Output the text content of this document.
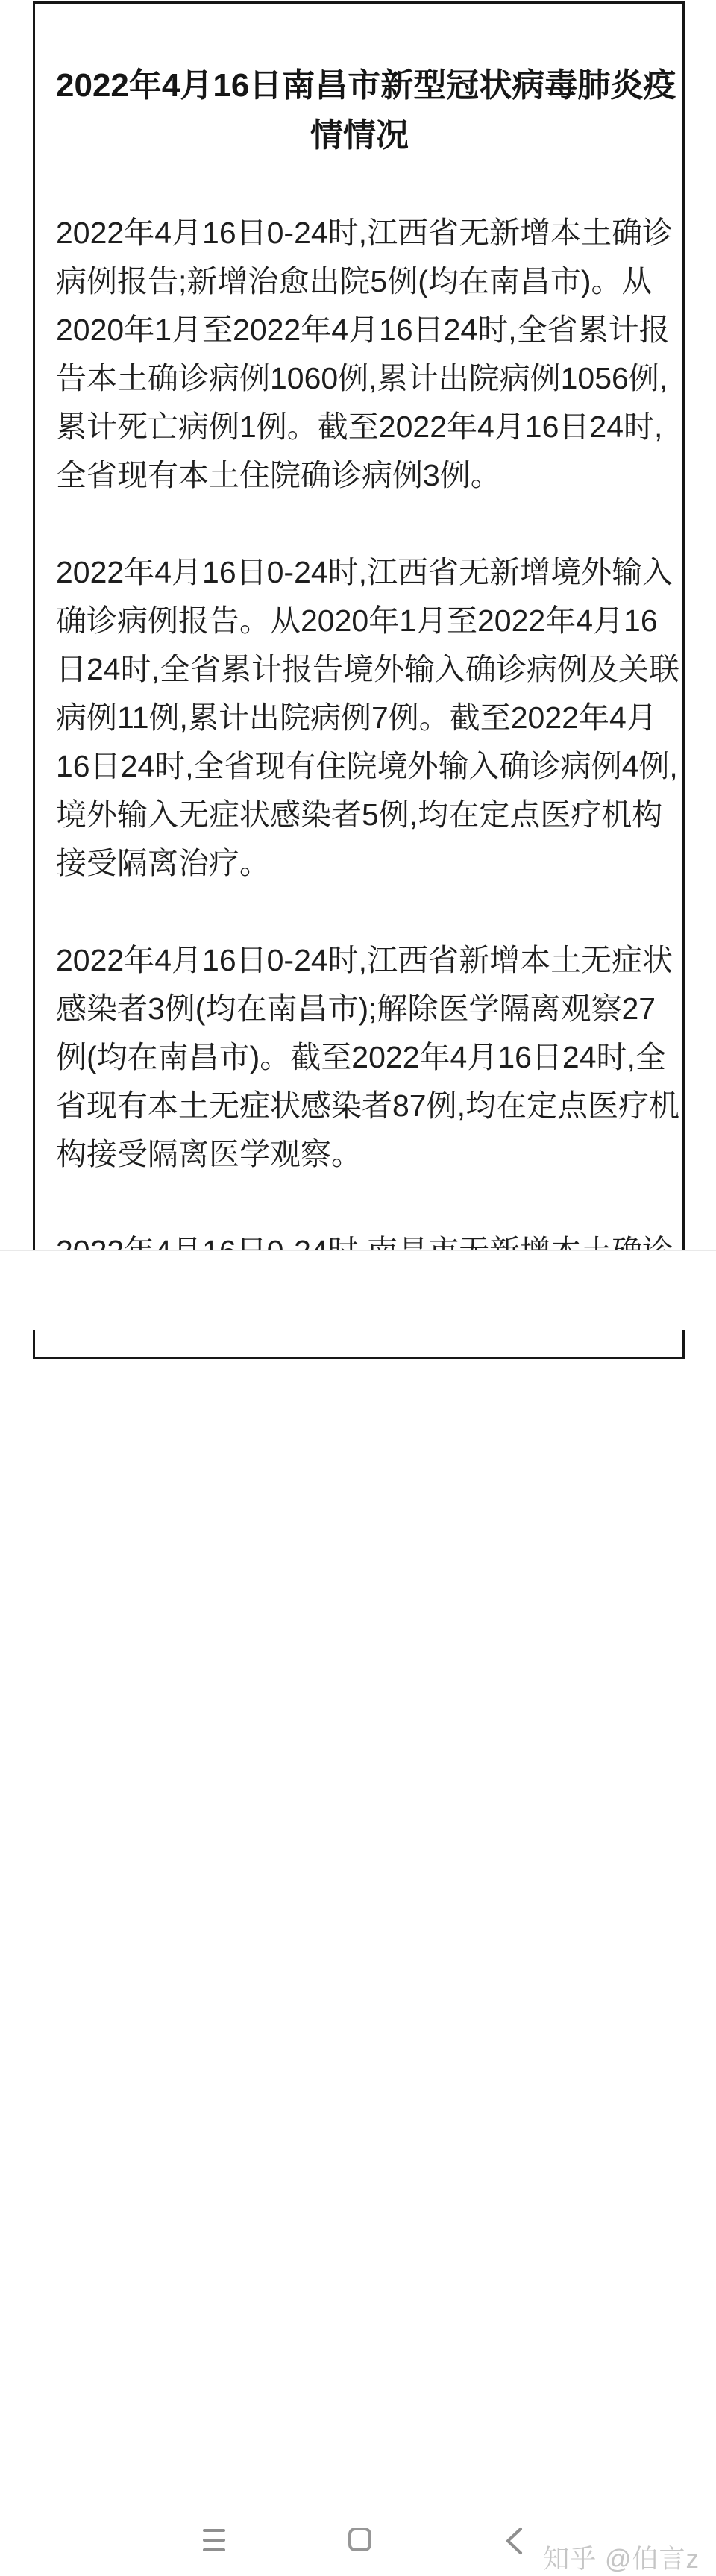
2022年4月16日南昌市新型冠状病毒肺炎疫
情情况
2022年4月16日0-24时,江西省无新增本土确诊
病例报告;新增治愈出院5例(均在南昌市)。从
2020年1月至2022年4月16日24时,全省累计报
告本土确诊病例1060例,累计出院病例1056例,
累计死亡病例1例。截至2022年4月16日24时,
全省现有本土住院确诊病例3例。
2022年4月16日0-24时,江西省无新增境外输入
确诊病例报告。从2020年1月至2022年4月16
日24时,全省累计报告境外输入确诊病例及关联
病例11例,累计出院病例7例。截至2022年4月
16日24时,全省现有住院境外输入确诊病例4例,
境外输入无症状感染者5例,均在定点医疗机构
接受隔离治疗。
2022年4月16日0-24时,江西省新增本土无症状
感染者3例(均在南昌市);解除医学隔离观察27
例(均在南昌市)。截至2022年4月16日24时,全
省现有本土无症状感染者87例,均在定点医疗机
构接受隔离医学观察。
知乎 @伯言z
